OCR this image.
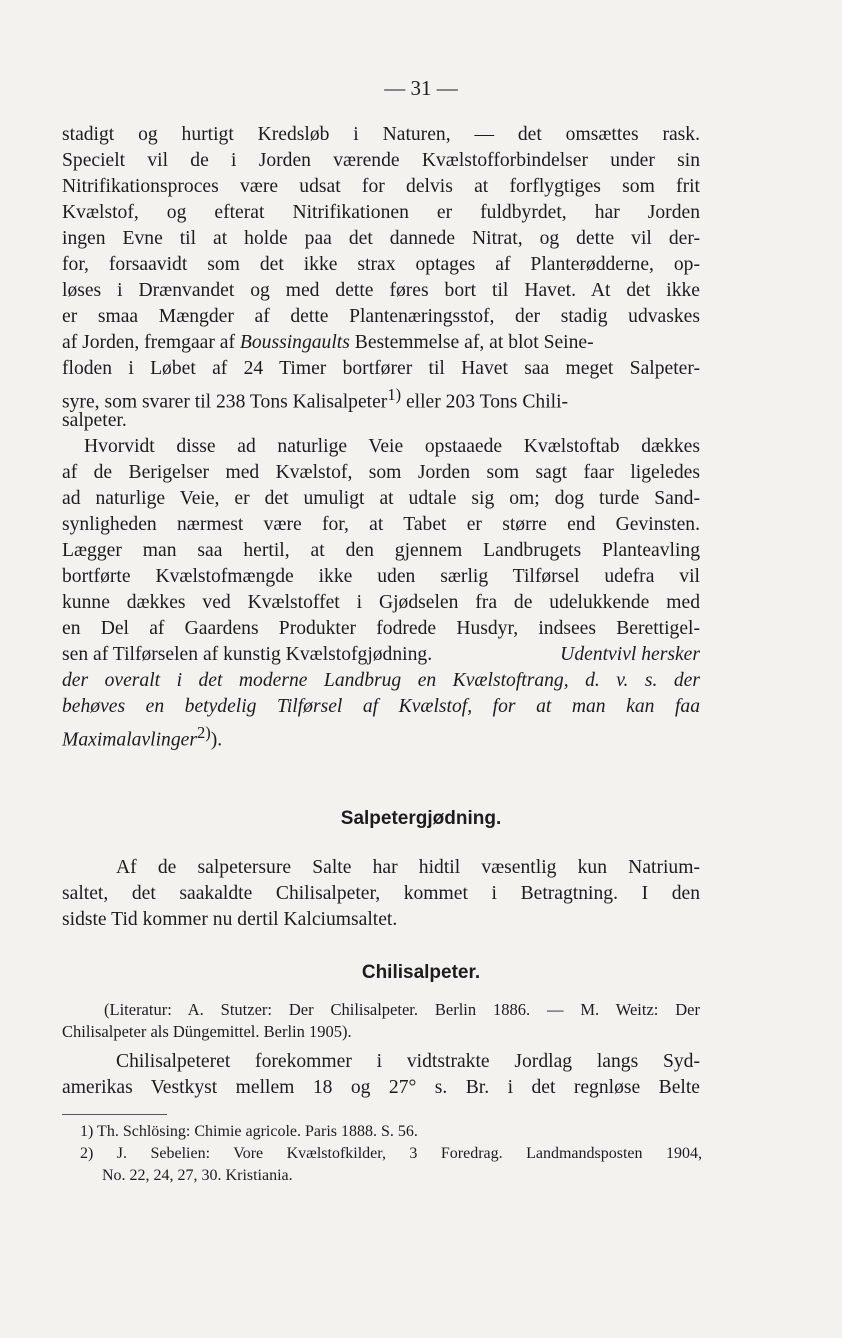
— 31 —
stadigt og hurtigt Kredsløb i Naturen, — det omsættes rask.
Specielt vil de i Jorden værende Kvælstofforbindelser under sin
Nitrifikationsproces være udsat for delvis at forflygtiges som frit
Kvælstof, og efterat Nitrifikationen er fuldbyrdet, har Jorden
ingen Evne til at holde paa det dannede Nitrat, og dette vil der-
for, forsaavidt som det ikke strax optages af Planterødderne, op-
løses i Drænvandet og med dette føres bort til Havet. At det ikke
er smaa Mængder af dette Plantenæringsstof, der stadig udvaskes
af Jorden, fremgaar af Boussingaults Bestemmelse af, at blot Seine-
floden i Løbet af 24 Timer bortfører til Havet saa meget Salpeter-
syre, som svarer til 238 Tons Kalisalpeter$^{1)}$ eller 203 Tons Chili-
salpeter.
Hvorvidt disse ad naturlige Veie opstaaede Kvælstoftab dækkes
af de Berigelser med Kvælstof, som Jorden som sagt faar ligeledes
ad naturlige Veie, er det umuligt at udtale sig om; dog turde Sand-
synligheden nærmest være for, at Tabet er større end Gevinsten.
Lægger man saa hertil, at den gjennem Landbrugets Planteavling
bortførte Kvælstofmængde ikke uden særlig Tilførsel udefra vil
kunne dækkes ved Kvælstoffet i Gjødselen fra de udelukkende med
en Del af Gaardens Produkter fodrede Husdyr, indsees Berettigel-
sen af Tilførselen af kunstig Kvælstofgjødning.	Udentvivl hersker
der overalt i det moderne Landbrug en Kvælstoftrang, d. v. s. der
behøves en betydelig Tilførsel af Kvælstof, for at man kan faa
Maximalavlinger$^{2)}$).
Salpetergjødning.
Af de salpetersure Salte har hidtil væsentlig kun Natrium-
saltet, det saakaldte Chilisalpeter, kommet i Betragtning. I den
sidste Tid kommer nu dertil Kalciumsaltet.
Chilisalpeter.
(Literatur: A. Stutzer: Der Chilisalpeter. Berlin 1886. — M. Weitz: Der
Chilisalpeter als Düngemittel. Berlin 1905).
Chilisalpeteret forekommer i vidtstrakte Jordlag langs Syd-
amerikas Vestkyst mellem 18 og 27° s. Br. i det regnløse Belte
1) Th. Schlösing: Chimie agricole. Paris 1888. S. 56.
2) J. Sebelien: Vore Kvælstofkilder, 3 Foredrag. Landmandsposten 1904,
No. 22, 24, 27, 30. Kristiania.
